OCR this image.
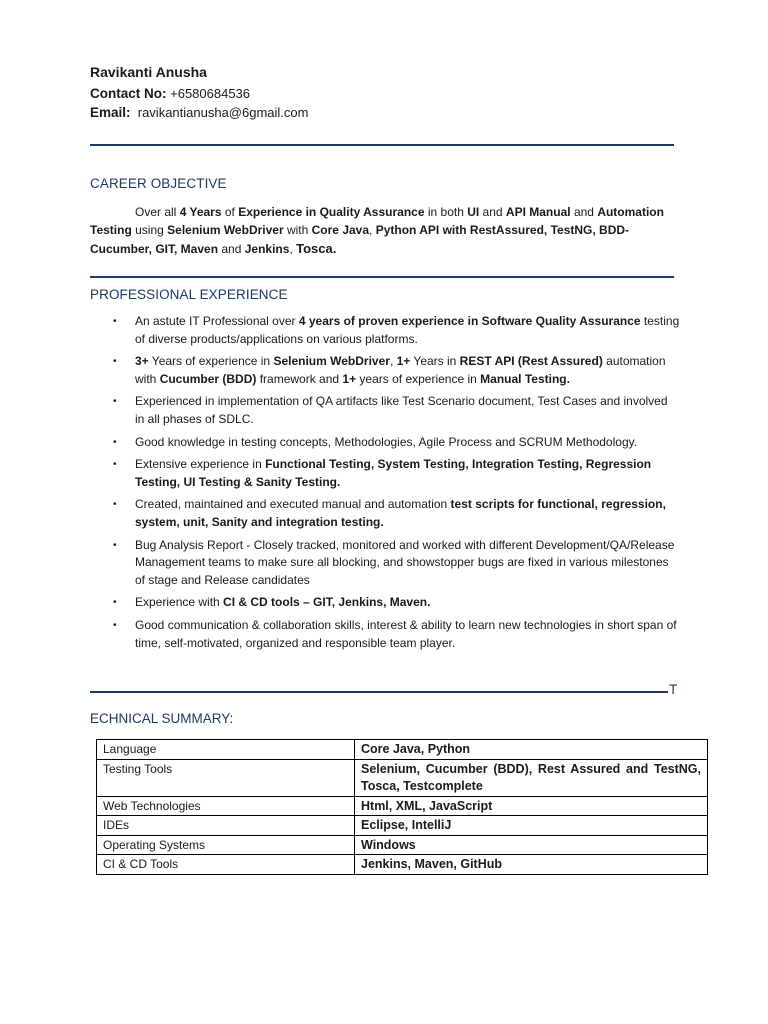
Ravikanti Anusha
Contact No: +6580684536
Email: ravikantianusha@6gmail.com
CAREER OBJECTIVE
Over all 4 Years of Experience in Quality Assurance in both UI and API Manual and Automation Testing using Selenium WebDriver with Core Java, Python API with RestAssured, TestNG, BDD-Cucumber, GIT, Maven and Jenkins, Tosca.
PROFESSIONAL EXPERIENCE
• An astute IT Professional over 4 years of proven experience in Software Quality Assurance testing of diverse products/applications on various platforms.
• 3+ Years of experience in Selenium WebDriver, 1+ Years in REST API (Rest Assured) automation with Cucumber (BDD) framework and 1+ years of experience in Manual Testing.
• Experienced in implementation of QA artifacts like Test Scenario document, Test Cases and involved in all phases of SDLC.
• Good knowledge in testing concepts, Methodologies, Agile Process and SCRUM Methodology.
• Extensive experience in Functional Testing, System Testing, Integration Testing, Regression Testing, UI Testing & Sanity Testing.
• Created, maintained and executed manual and automation test scripts for functional, regression, system, unit, Sanity and integration testing.
• Bug Analysis Report - Closely tracked, monitored and worked with different Development/QA/Release Management teams to make sure all blocking, and showstopper bugs are fixed in various milestones of stage and Release candidates
• Experience with CI & CD tools – GIT, Jenkins, Maven.
• Good communication & collaboration skills, interest & ability to learn new technologies in short span of time, self-motivated, organized and responsible team player.
T
ECHNICAL SUMMARY:
Language	Core Java, Python
Testing Tools	Selenium, Cucumber (BDD), Rest Assured and TestNG, Tosca, Testcomplete
Web Technologies	Html, XML, JavaScript
IDEs	Eclipse, IntelliJ
Operating Systems	Windows
CI & CD Tools	Jenkins, Maven, GitHub
